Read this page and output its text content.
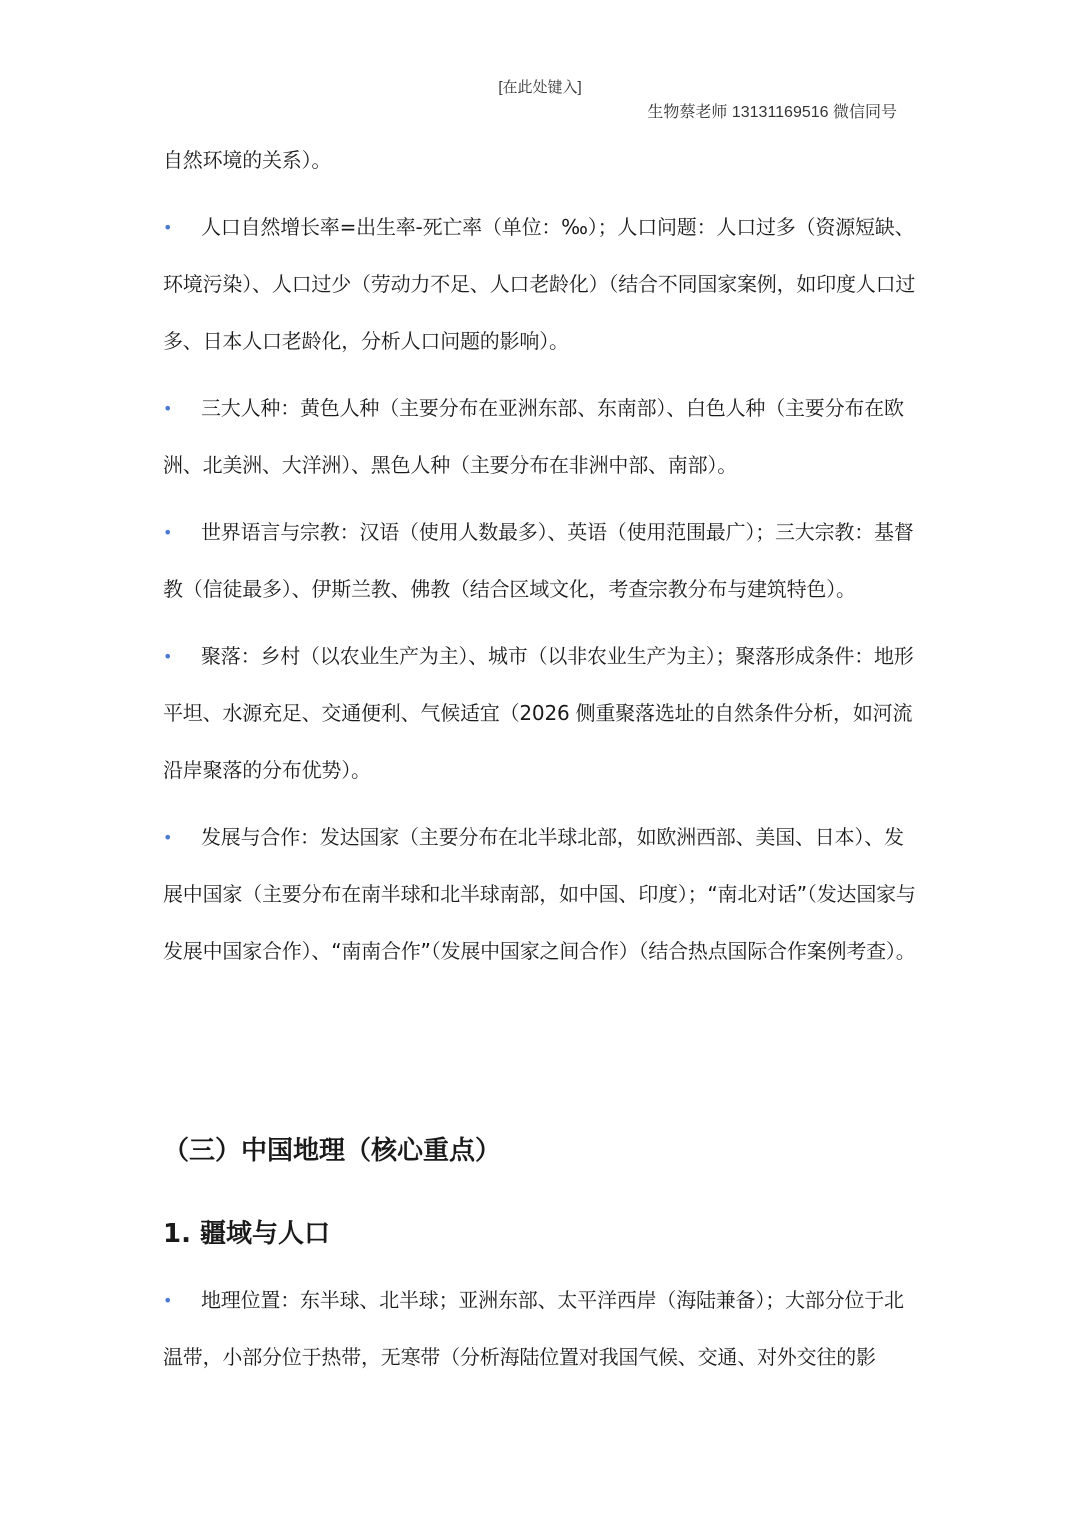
[在此处键入]
生物蔡老师 13131169516 微信同号

自然环境的关系）。

•	人口自然增长率=出生率-死亡率（单位：‰）；人口问题：人口过多（资源短缺、环境污染）、人口过少（劳动力不足、人口老龄化）（结合不同国家案例，如印度人口过多、日本人口老龄化，分析人口问题的影响）。

•	三大人种：黄色人种（主要分布在亚洲东部、东南部）、白色人种（主要分布在欧洲、北美洲、大洋洲）、黑色人种（主要分布在非洲中部、南部）。

•	世界语言与宗教：汉语（使用人数最多）、英语（使用范围最广）；三大宗教：基督教（信徒最多）、伊斯兰教、佛教（结合区域文化，考查宗教分布与建筑特色）。

•	聚落：乡村（以农业生产为主）、城市（以非农业生产为主）；聚落形成条件：地形平坦、水源充足、交通便利、气候适宜（2026 侧重聚落选址的自然条件分析，如河流沿岸聚落的分布优势）。

•	发展与合作：发达国家（主要分布在北半球北部，如欧洲西部、美国、日本）、发展中国家（主要分布在南半球和北半球南部，如中国、印度）；“南北对话”（发达国家与发展中国家合作）、“南南合作”（发展中国家之间合作）（结合热点国际合作案例考查）。

（三）中国地理（核心重点）
1. 疆域与人口

•	地理位置：东半球、北半球；亚洲东部、太平洋西岸（海陆兼备）；大部分位于北温带，小部分位于热带，无寒带（分析海陆位置对我国气候、交通、对外交往的影
